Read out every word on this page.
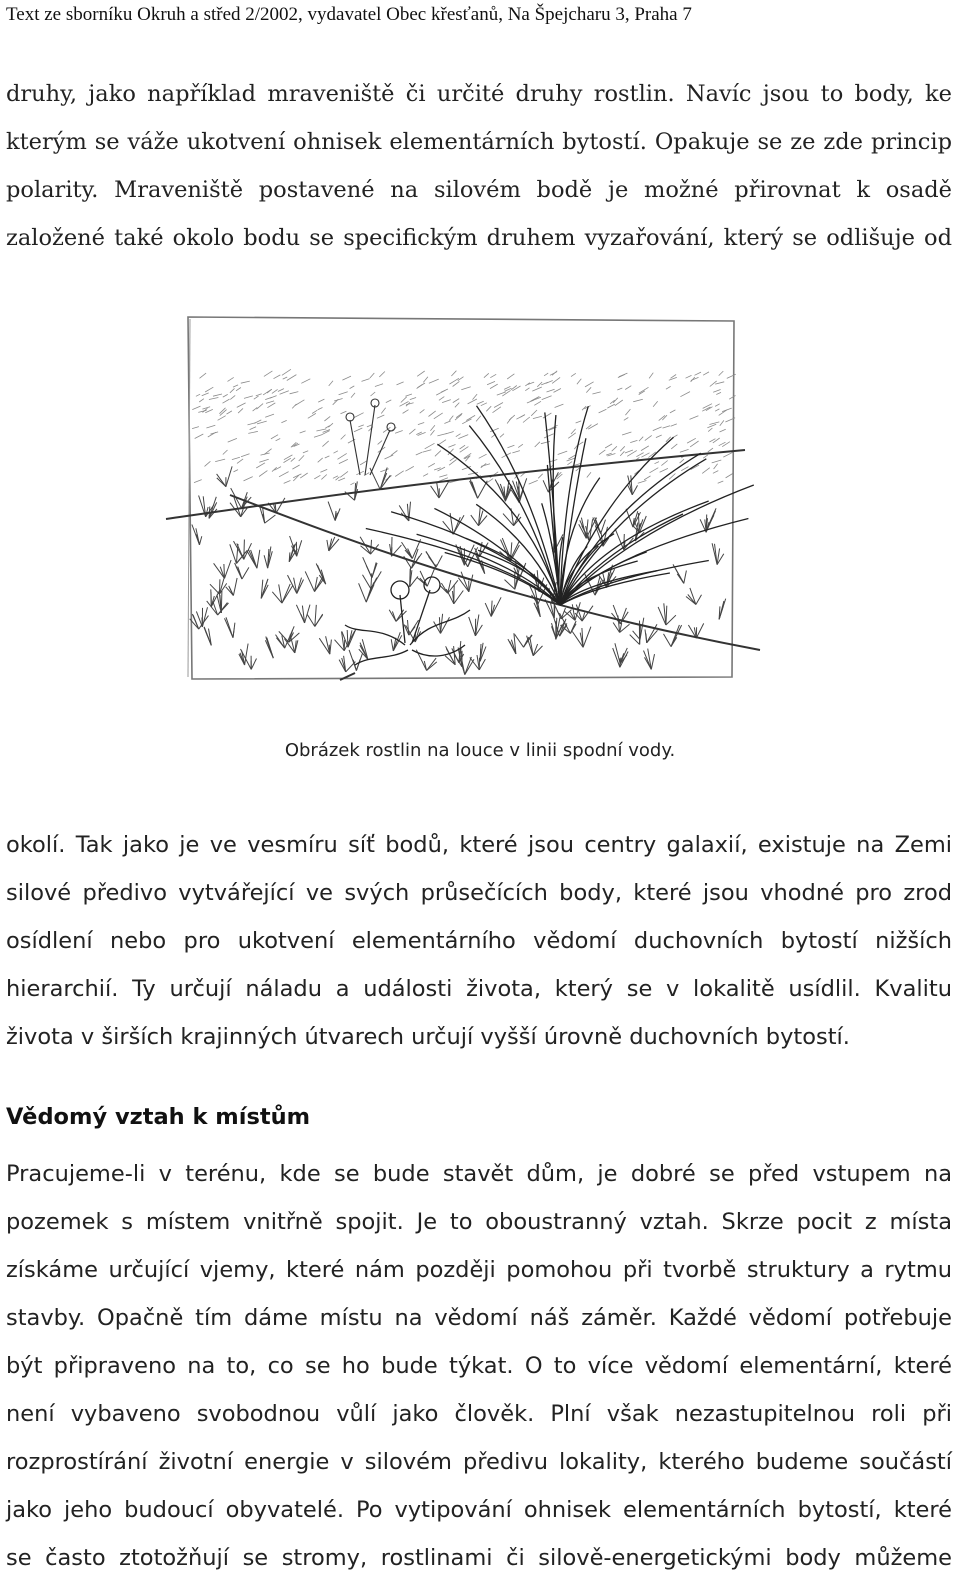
Text ze sborníku Okruh a střed 2/2002, vydavatel Obec křesťanů, Na Špejcharu 3, Praha 7
druhy, jako například mraveniště či určité druhy rostlin. Navíc jsou to body, ke
kterým se váže ukotvení ohnisek elementárních bytostí. Opakuje se ze zde princip
polarity. Mraveniště postavené na silovém bodě je možné přirovnat k osadě
založené také okolo bodu se specifickým druhem vyzařování, který se odlišuje od
Obrázek rostlin na louce v linii spodní vody.
okolí. Tak jako je ve vesmíru síť bodů, které jsou centry galaxií, existuje na Zemi
silové předivo vytvářející ve svých průsečících body, které jsou vhodné pro zrod
osídlení nebo pro ukotvení elementárního vědomí duchovních bytostí nižších
hierarchií. Ty určují náladu a události života, který se v lokalitě usídlil. Kvalitu
života v širších krajinných útvarech určují vyšší úrovně duchovních bytostí.
Vědomý vztah k místům
Pracujeme-li v terénu, kde se bude stavět dům, je dobré se před vstupem na
pozemek s místem vnitřně spojit. Je to oboustranný vztah. Skrze pocit z místa
získáme určující vjemy, které nám později pomohou při tvorbě struktury a rytmu
stavby. Opačně tím dáme místu na vědomí náš záměr. Každé vědomí potřebuje
být připraveno na to, co se ho bude týkat. O to více vědomí elementární, které
není vybaveno svobodnou vůlí jako člověk. Plní však nezastupitelnou roli při
rozprostírání životní energie v silovém předivu lokality, kterého budeme součástí
jako jeho budoucí obyvatelé. Po vytipování ohnisek elementárních bytostí, které
se často ztotožňují se stromy, rostlinami či silově-energetickými body můžeme
